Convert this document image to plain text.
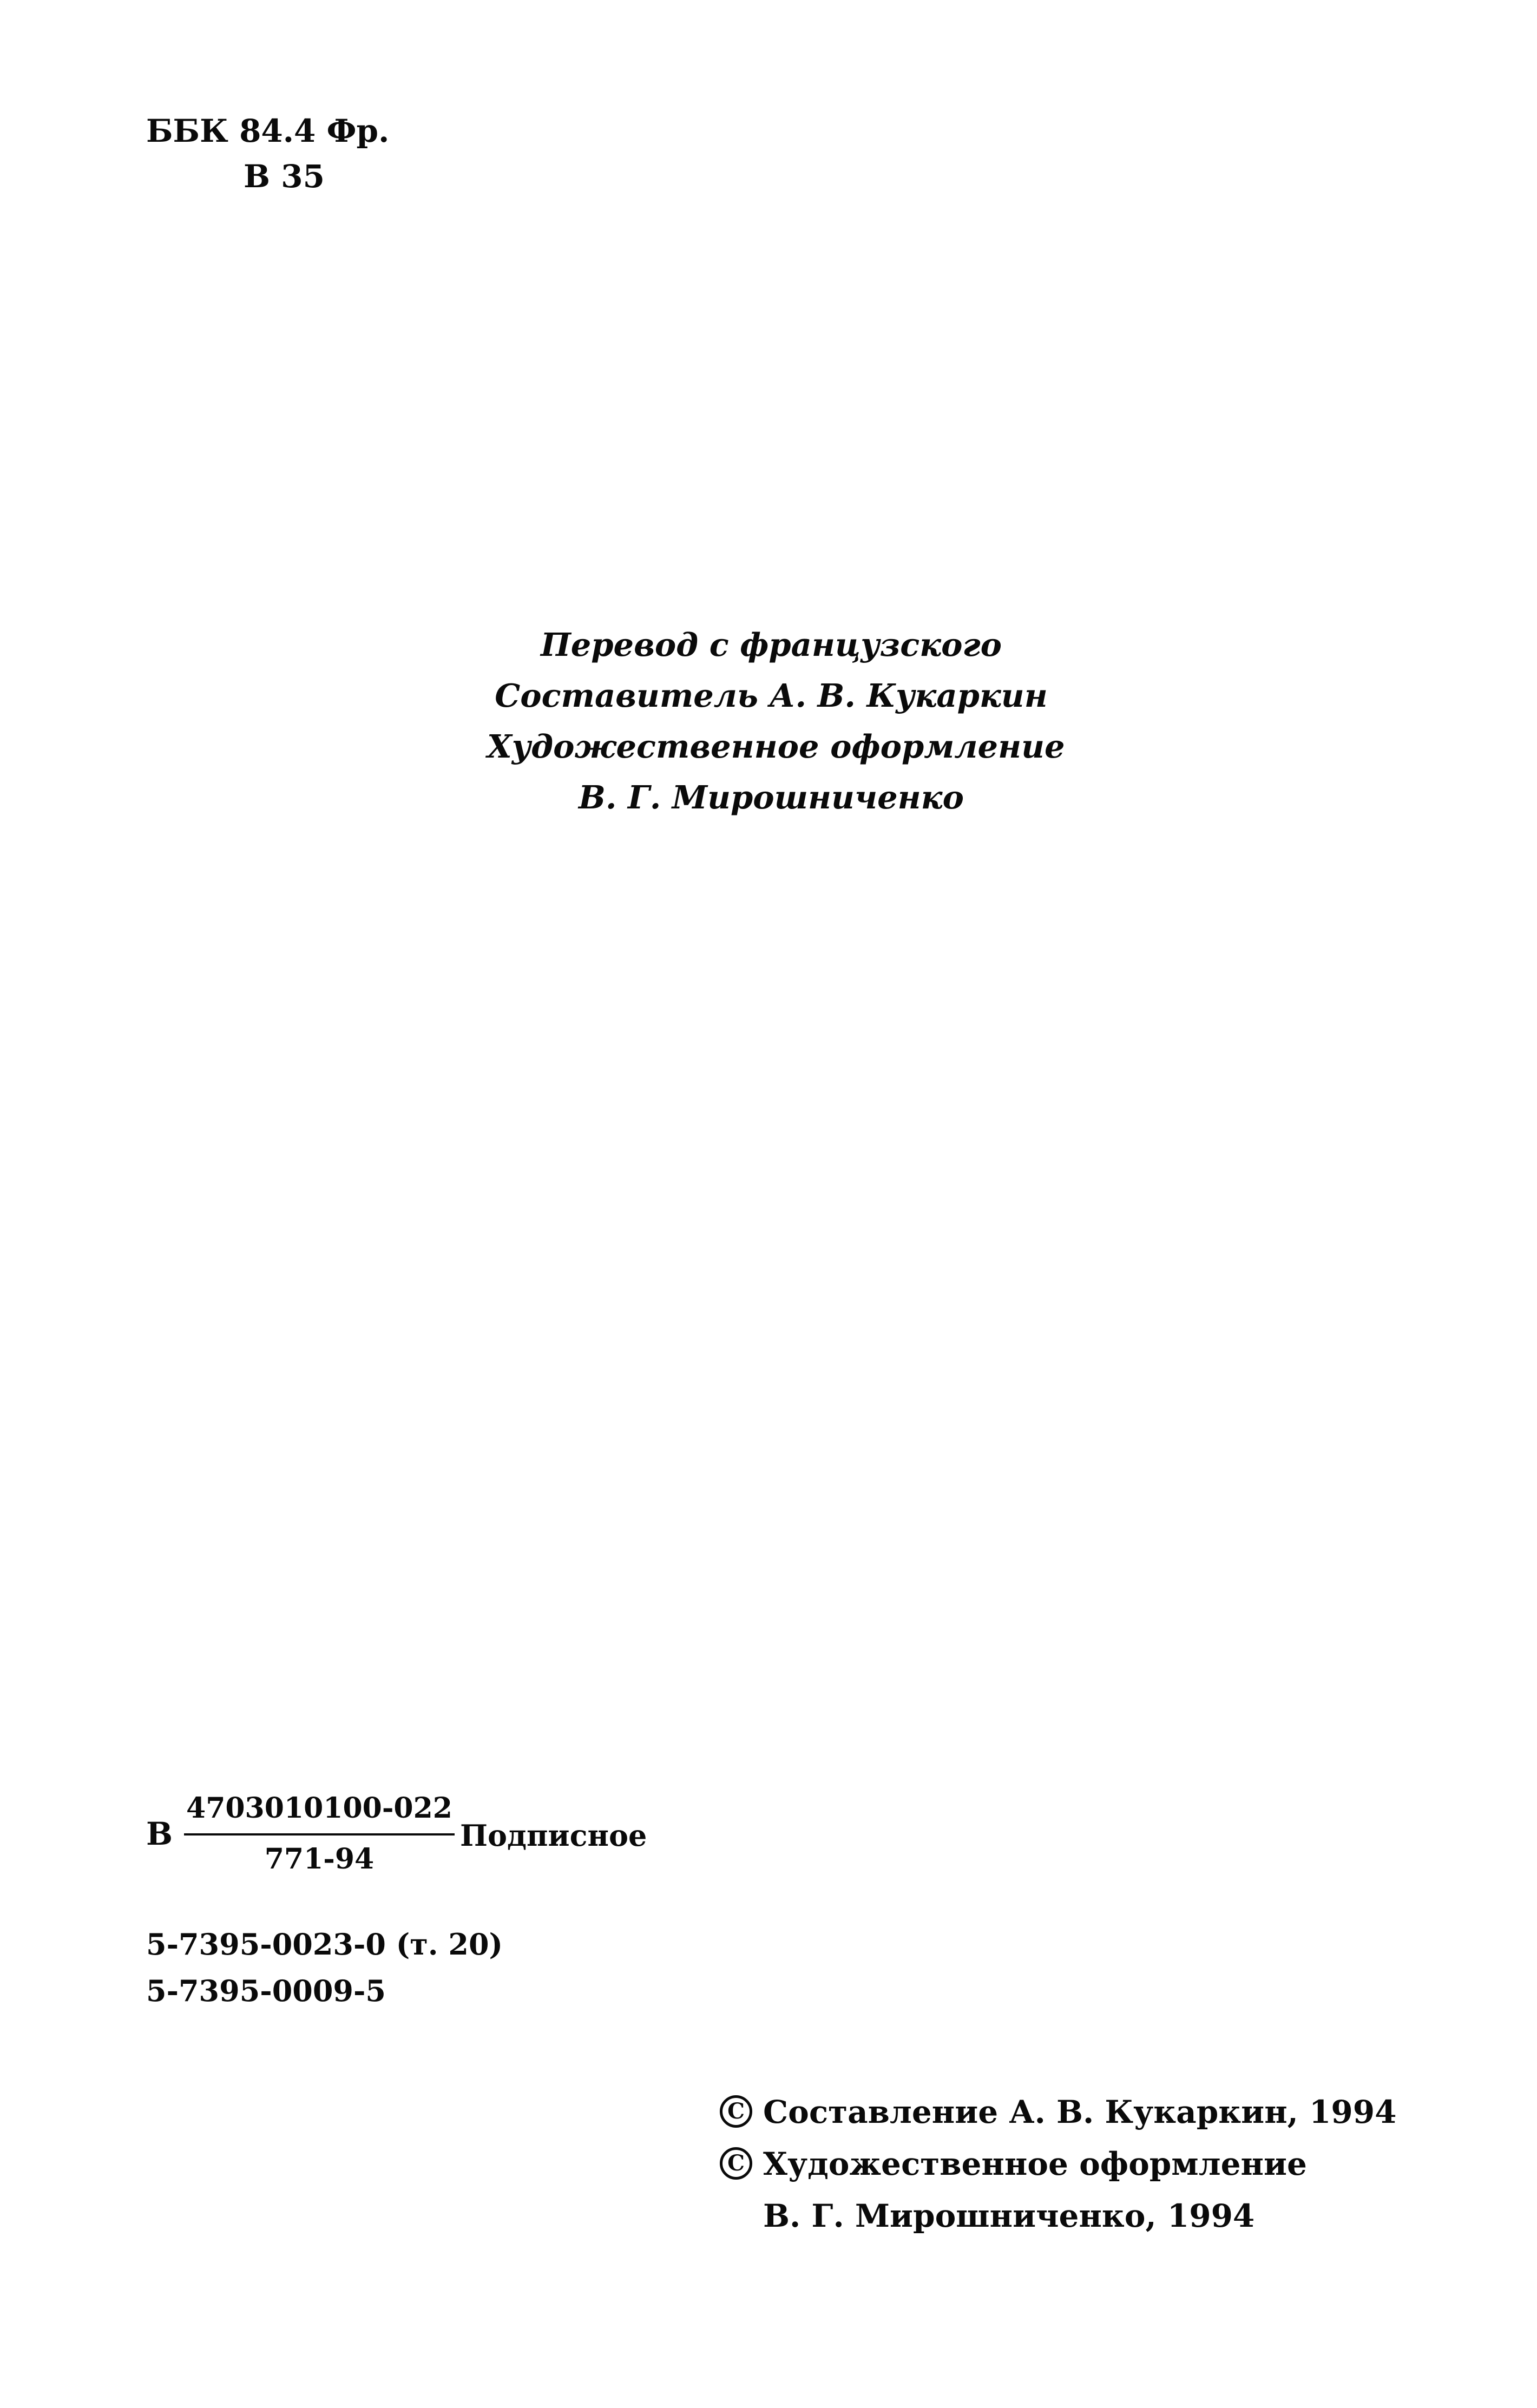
ББК 84.4 Фр.
В 35
Перевод с французского
Составитель А. В. Кукаркин
Художественное оформление
В. Г. Мирошниченко
В
4703010100-022
771-94
Подписное
5-7395-0023-0 (т. 20)
5-7395-0009-5
C Составление А. В. Кукаркин, 1994
C Художественное оформление
В. Г. Мирошниченко, 1994
